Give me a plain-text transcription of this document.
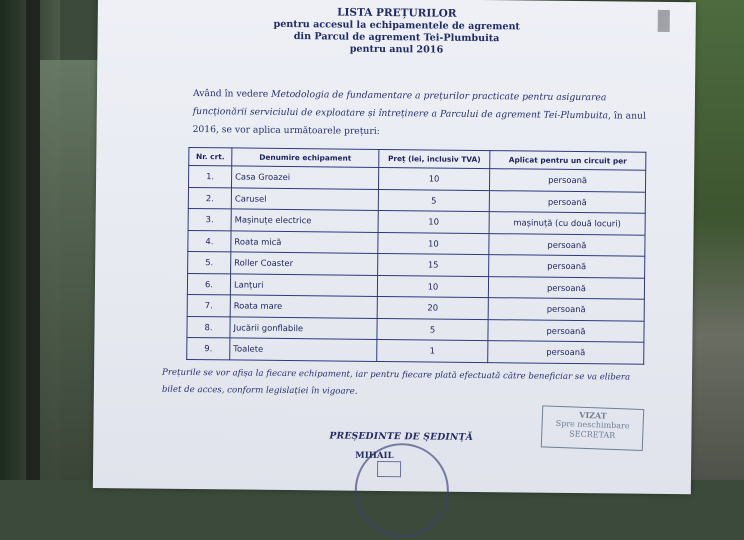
LISTA PREȚURILOR
pentru accesul la echipamentele de agrement
din Parcul de agrement Tei-Plumbuita
pentru anul 2016
Având în vedere Metodologia de fundamentare a prețurilor practicate pentru asigurarea funcționării serviciului de exploatare și întreținere a Parcului de agrement Tei-Plumbuita, în anul 2016, se vor aplica următoarele prețuri:
Nr. crt.	Denumire echipament	Preț (lei, inclusiv TVA)	Aplicat pentru un circuit per
1.	Casa Groazei	10	persoană
2.	Carusel	5	persoană
3.	Mașinuțe electrice	10	mașinuță (cu două locuri)
4.	Roata mică	10	persoană
5.	Roller Coaster	15	persoană
6.	Lanțuri	10	persoană
7.	Roata mare	20	persoană
8.	Jucării gonflabile	5	persoană
9.	Toalete	1	persoană
Prețurile se vor afișa la fiecare echipament, iar pentru fiecare plată efectuată către beneficiar se va elibera bilet de acces, conform legislației în vigoare.
VIZAT
Spre neschimbare
SECRETAR
PREȘEDINTE DE ȘEDINȚĂ
MIHAIL
